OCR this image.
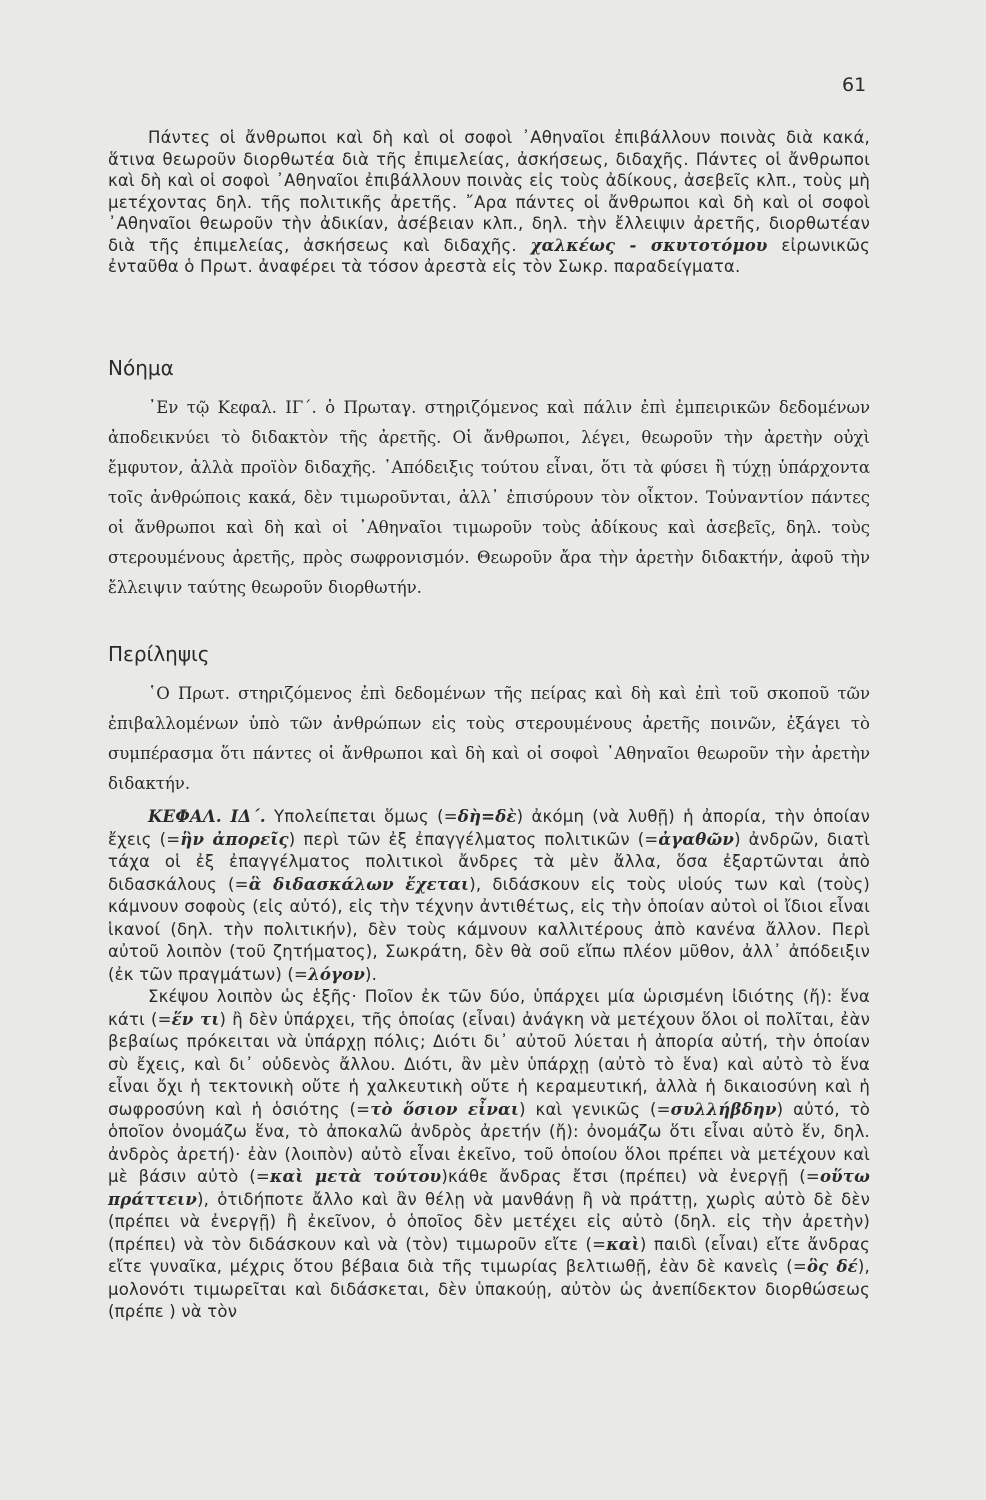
61

Πάντες οἱ ἄνθρωποι καὶ δὴ καὶ οἱ σοφοὶ ᾿Αθηναῖοι ἐπιβάλλουν ποινὰς διὰ κακά, ἅτινα θεωροῦν διορθωτέα διὰ τῆς ἐπιμελείας, ἀσκήσεως, διδαχῆς. Πάντες οἱ ἄνθρωποι καὶ δὴ καὶ οἱ σοφοὶ ᾿Αθηναῖοι ἐπιβάλλουν ποινὰς εἰς τοὺς ἀδίκους, ἀσεβεῖς κλπ., τοὺς μὴ μετέχοντας δηλ. τῆς πολιτικῆς ἀρετῆς. ῎Αρα πάντες οἱ ἄνθρωποι καὶ δὴ καὶ οἱ σοφοὶ ᾿Αθηναῖοι θεωροῦν τὴν ἀδικίαν, ἀσέβειαν κλπ., δηλ. τὴν ἔλλειψιν ἀρετῆς, διορθωτέαν διὰ τῆς ἐπιμελείας, ἀσκήσεως καὶ διδαχῆς. χαλκέως - σκυτοτόμου εἰρωνικῶς ἐνταῦθα ὁ Πρωτ. ἀναφέρει τὰ τόσον ἀρεστὰ εἰς τὸν Σωκρ. παραδείγματα.

Νόημα

᾿Εν τῷ Κεφαλ. ΙΓ΄. ὁ Πρωταγ. στηριζόμενος καὶ πάλιν ἐπὶ ἐμπειρικῶν δεδομένων ἀποδεικνύει τὸ διδακτὸν τῆς ἀρετῆς. Οἱ ἄνθρωποι, λέγει, θεωροῦν τὴν ἀρετὴν οὐχὶ ἔμφυτον, ἀλλὰ προϊὸν διδαχῆς. ᾿Απόδειξις τούτου εἶναι, ὅτι τὰ φύσει ἢ τύχῃ ὑπάρχοντα τοῖς ἀνθρώποις κακά, δὲν τιμωροῦνται, ἀλλ᾿ ἐπισύρουν τὸν οἶκτον. Τοὐναντίον πάντες οἱ ἄνθρωποι καὶ δὴ καὶ οἱ ᾿Αθηναῖοι τιμωροῦν τοὺς ἀδίκους καὶ ἀσεβεῖς, δηλ. τοὺς στερουμένους ἀρετῆς, πρὸς σωφρονισμόν. Θεωροῦν ἄρα τὴν ἀρετὴν διδακτήν, ἀφοῦ τὴν ἔλλειψιν ταύτης θεωροῦν διορθωτήν.

Περίληψις

῾Ο Πρωτ. στηριζόμενος ἐπὶ δεδομένων τῆς πείρας καὶ δὴ καὶ ἐπὶ τοῦ σκοποῦ τῶν ἐπιβαλλομένων ὑπὸ τῶν ἀνθρώπων εἰς τοὺς στερουμένους ἀρετῆς ποινῶν, ἐξάγει τὸ συμπέρασμα ὅτι πάντες οἱ ἄνθρωποι καὶ δὴ καὶ οἱ σοφοὶ ᾿Αθηναῖοι θεωροῦν τὴν ἀρετὴν διδακτήν.

ΚΕΦΑΛ. ΙΔ΄. Υπολείπεται ὅμως (=δὴ=δὲ) ἀκόμη (νὰ λυθῇ) ἡ ἀπορία, τὴν ὁποίαν ἔχεις (=ἣν ἀπορεῖς) περὶ τῶν ἐξ ἐπαγγέλματος πολιτικῶν (=ἀγαθῶν) ἀνδρῶν, διατὶ τάχα οἱ ἐξ ἐπαγγέλματος πολιτικοὶ ἄνδρες τὰ μὲν ἄλλα, ὅσα ἐξαρτῶνται ἀπὸ διδασκάλους (=ἃ διδασκάλων ἔχεται), διδάσκουν εἰς τοὺς υἱούς των καὶ (τοὺς) κάμνουν σοφοὺς (εἰς αὐτό), εἰς τὴν τέχνην ἀντιθέτως, εἰς τὴν ὁποίαν αὐτοὶ οἱ ἴδιοι εἶναι ἱκανοί (δηλ. τὴν πολιτικήν), δὲν τοὺς κάμνουν καλλιτέρους ἀπὸ κανένα ἄλλον. Περὶ αὐτοῦ λοιπὸν (τοῦ ζητήματος), Σωκράτη, δὲν θὰ σοῦ εἴπω πλέον μῦθον, ἀλλ᾿ ἀπόδειξιν (ἐκ τῶν πραγμάτων) (=λόγον).

Σκέψου λοιπὸν ὡς ἑξῆς· Ποῖον ἐκ τῶν δύο, ὑπάρχει μία ὡρισμένη ἰδιότης (ἤ): ἕνα κάτι (=ἕν τι) ἢ δὲν ὑπάρχει, τῆς ὁποίας (εἶναι) ἀνάγκη νὰ μετέχουν ὅλοι οἱ πολῖται, ἐὰν βεβαίως πρόκειται νὰ ὑπάρχῃ πόλις; Διότι δι᾿ αὐτοῦ λύεται ἡ ἀπορία αὐτή, τὴν ὁποίαν σὺ ἔχεις, καὶ δι᾿ οὐδενὸς ἄλλου. Διότι, ἂν μὲν ὑπάρχῃ (αὐτὸ τὸ ἕνα) καὶ αὐτὸ τὸ ἕνα εἶναι ὄχι ἡ τεκτονικὴ οὔτε ἡ χαλκευτικὴ οὔτε ἡ κεραμευτική, ἀλλὰ ἡ δικαιοσύνη καὶ ἡ σωφροσύνη καὶ ἡ ὁσιότης (=τὸ ὅσιον εἶναι) καὶ γενικῶς (=συλλήβδην) αὐτό, τὸ ὁποῖον ὀνομάζω ἕνα, τὸ ἀποκαλῶ ἀνδρὸς ἀρετήν (ἤ): ὀνομάζω ὅτι εἶναι αὐτὸ ἕν, δηλ. ἀνδρὸς ἀρετή)· ἐὰν (λοιπὸν) αὐτὸ εἶναι ἐκεῖνο, τοῦ ὁποίου ὅλοι πρέπει νὰ μετέχουν καὶ μὲ βάσιν αὐτὸ (=καὶ μετὰ τούτου)κάθε ἄνδρας ἔτσι (πρέπει) νὰ ἐνεργῇ (=οὕτω πράττειν), ὁτιδήποτε ἄλλο καὶ ἂν θέλῃ νὰ μανθάνῃ ἢ νὰ πράττῃ, χωρὶς αὐτὸ δὲ δὲν (πρέπει νὰ ἐνεργῇ) ἢ ἐκεῖνον, ὁ ὁποῖος δὲν μετέχει εἰς αὐτὸ (δηλ. εἰς τὴν ἀρετὴν) (πρέπει) νὰ τὸν διδάσκουν καὶ νὰ (τὸν) τιμωροῦν εἴτε (=καὶ) παιδὶ (εἶναι) εἴτε ἄνδρας εἴτε γυναῖκα, μέχρις ὅτου βέβαια διὰ τῆς τιμωρίας βελτιωθῇ, ἐὰν δὲ κανεὶς (=ὃς δέ), μολονότι τιμωρεῖται καὶ διδάσκεται, δὲν ὑπακούῃ, αὐτὸν ὡς ἀνεπίδεκτον διορθώσεως (πρέπε ) νὰ τὸν
